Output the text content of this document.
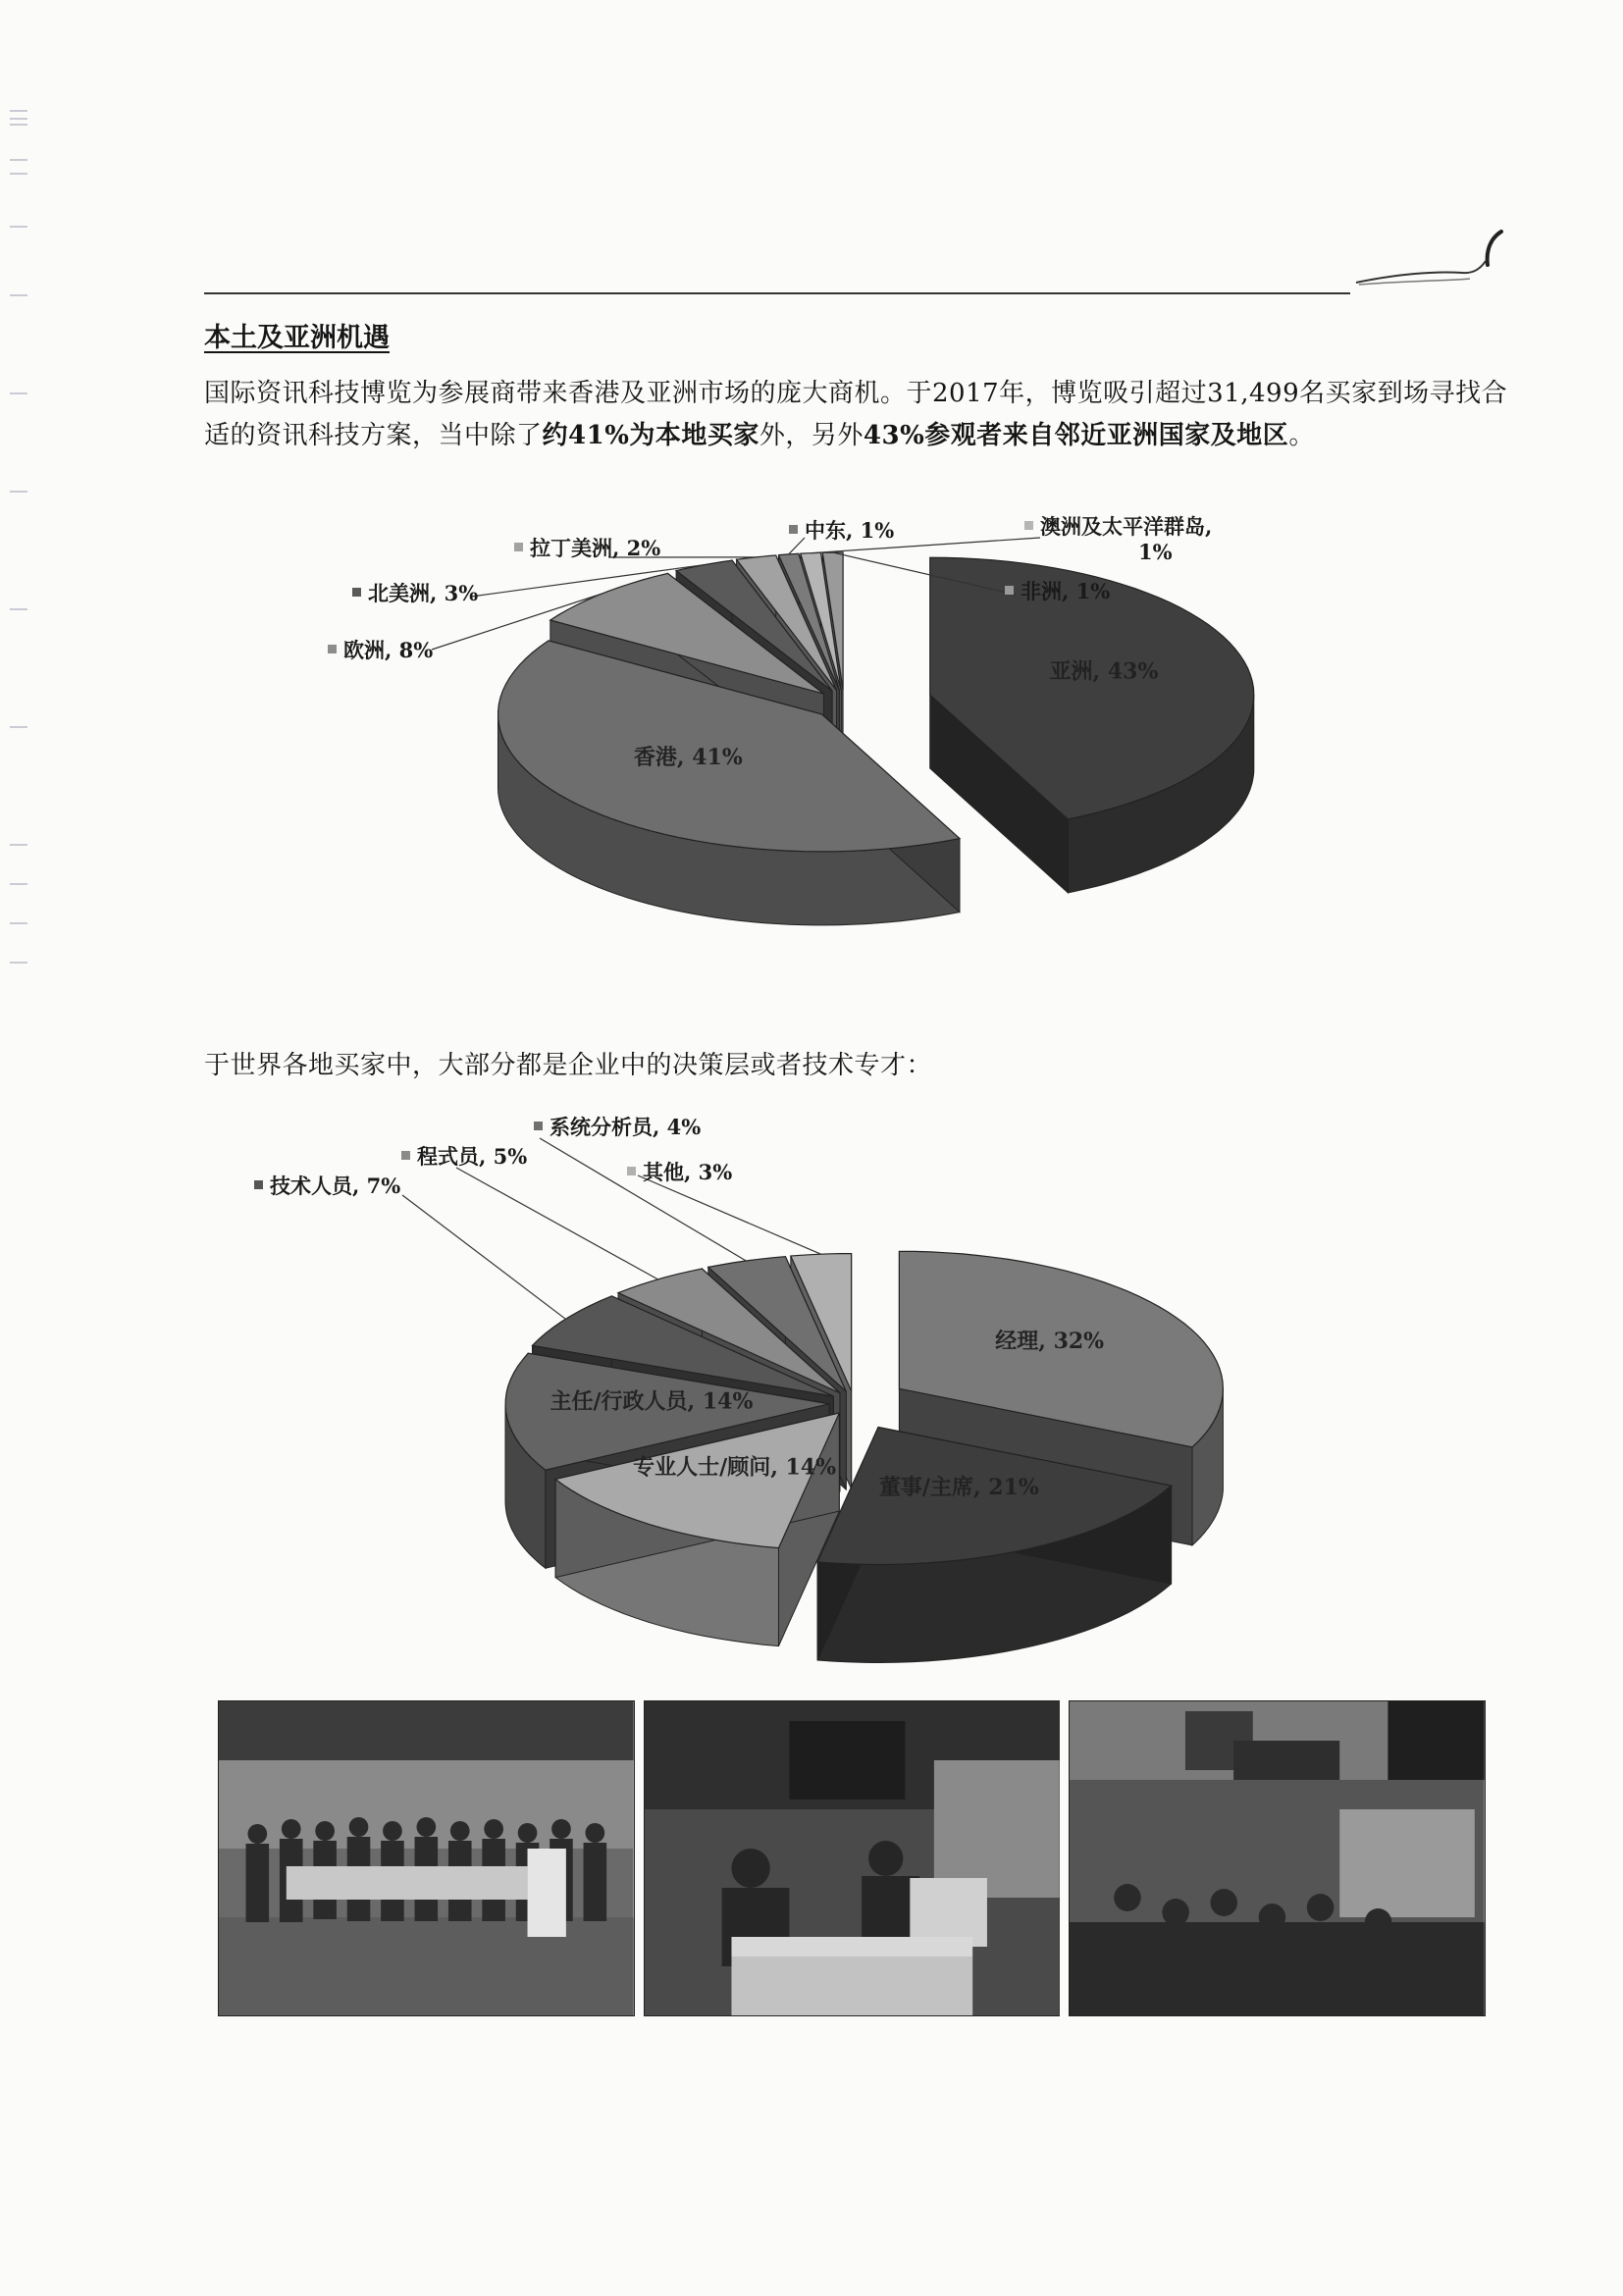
本土及亚洲机遇

国际资讯科技博览为参展商带来香港及亚洲市场的庞大商机。于2017年，博览吸引超过31,499名买家到场寻找合适的资讯科技方案，当中除了约41%为本地买家外，另外43%参观者来自邻近亚洲国家及地区。

亚洲, 43%
香港, 41%
欧洲, 8%
北美洲, 3%
拉丁美洲, 2%
中东, 1%	澳洲及太平洋群岛, 1%
非洲, 1%

于世界各地买家中，大部分都是企业中的决策层或者技术专才：

经理, 32%
董事/主席, 21%
专业人士/顾问, 14%
主任/行政人员, 14%
技术人员, 7%
程式员, 5%
系统分析员, 4%
其他, 3%
